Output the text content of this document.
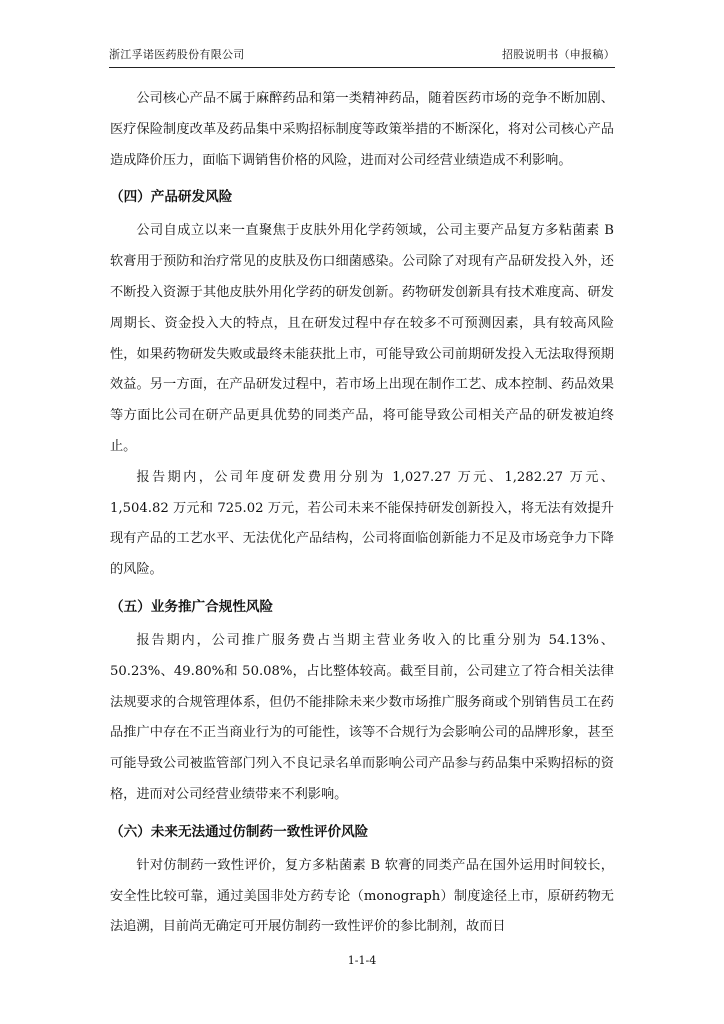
浙江孚诺医药股份有限公司	招股说明书（申报稿）

公司核心产品不属于麻醉药品和第一类精神药品，随着医药市场的竞争不断加剧、医疗保险制度改革及药品集中采购招标制度等政策举措的不断深化，将对公司核心产品造成降价压力，面临下调销售价格的风险，进而对公司经营业绩造成不利影响。

（四）产品研发风险

公司自成立以来一直聚焦于皮肤外用化学药领域，公司主要产品复方多粘菌素 B 软膏用于预防和治疗常见的皮肤及伤口细菌感染。公司除了对现有产品研发投入外，还不断投入资源于其他皮肤外用化学药的研发创新。药物研发创新具有技术难度高、研发周期长、资金投入大的特点，且在研发过程中存在较多不可预测因素，具有较高风险性，如果药物研发失败或最终未能获批上市，可能导致公司前期研发投入无法取得预期效益。另一方面，在产品研发过程中，若市场上出现在制作工艺、成本控制、药品效果等方面比公司在研产品更具优势的同类产品，将可能导致公司相关产品的研发被迫终止。

报告期内，公司年度研发费用分别为 1,027.27 万元、1,282.27 万元、1,504.82 万元和 725.02 万元，若公司未来不能保持研发创新投入，将无法有效提升现有产品的工艺水平、无法优化产品结构，公司将面临创新能力不足及市场竞争力下降的风险。

（五）业务推广合规性风险

报告期内，公司推广服务费占当期主营业务收入的比重分别为 54.13%、50.23%、49.80%和 50.08%，占比整体较高。截至目前，公司建立了符合相关法律法规要求的合规管理体系，但仍不能排除未来少数市场推广服务商或个别销售员工在药品推广中存在不正当商业行为的可能性，该等不合规行为会影响公司的品牌形象，甚至可能导致公司被监管部门列入不良记录名单而影响公司产品参与药品集中采购招标的资格，进而对公司经营业绩带来不利影响。

（六）未来无法通过仿制药一致性评价风险

针对仿制药一致性评价，复方多粘菌素 B 软膏的同类产品在国外运用时间较长，安全性比较可靠，通过美国非处方药专论（monograph）制度途径上市，原研药物无法追溯，目前尚无确定可开展仿制药一致性评价的参比制剂，故而日

1-1-4
